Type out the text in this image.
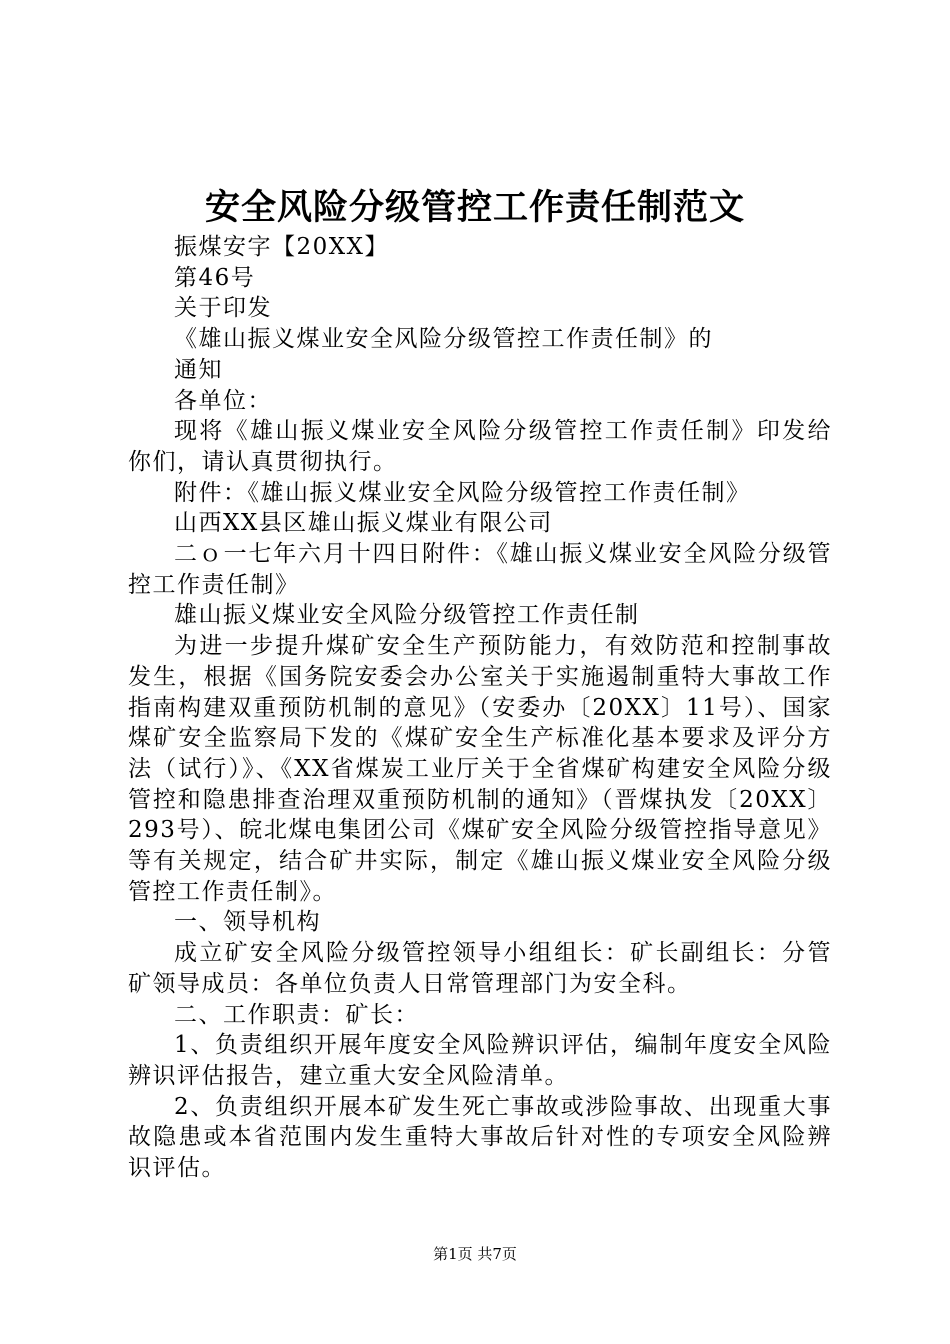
安全风险分级管控工作责任制范文

振煤安字【20XX】

第46号

关于印发

《雄山振义煤业安全风险分级管控工作责任制》的

通知

各单位：

现将《雄山振义煤业安全风险分级管控工作责任制》印发给你们，请认真贯彻执行。

附件：《雄山振义煤业安全风险分级管控工作责任制》

山西XX县区雄山振义煤业有限公司

二ｏ一七年六月十四日附件：《雄山振义煤业安全风险分级管控工作责任制》

雄山振义煤业安全风险分级管控工作责任制

为进一步提升煤矿安全生产预防能力，有效防范和控制事故发生，根据《国务院安委会办公室关于实施遏制重特大事故工作指南构建双重预防机制的意见》（安委办〔20XX〕11号）、国家煤矿安全监察局下发的《煤矿安全生产标准化基本要求及评分方法（试行）》、《XX省煤炭工业厅关于全省煤矿构建安全风险分级管控和隐患排查治理双重预防机制的通知》（晋煤执发〔20XX〕293号）、皖北煤电集团公司《煤矿安全风险分级管控指导意见》等有关规定，结合矿井实际，制定《雄山振义煤业安全风险分级管控工作责任制》。

一、领导机构

成立矿安全风险分级管控领导小组组长：矿长副组长：分管矿领导成员：各单位负责人日常管理部门为安全科。

二、工作职责：矿长：

1、负责组织开展年度安全风险辨识评估，编制年度安全风险辨识评估报告，建立重大安全风险清单。

2、负责组织开展本矿发生死亡事故或涉险事故、出现重大事故隐患或本省范围内发生重特大事故后针对性的专项安全风险辨识评估。

第1页 共7页
